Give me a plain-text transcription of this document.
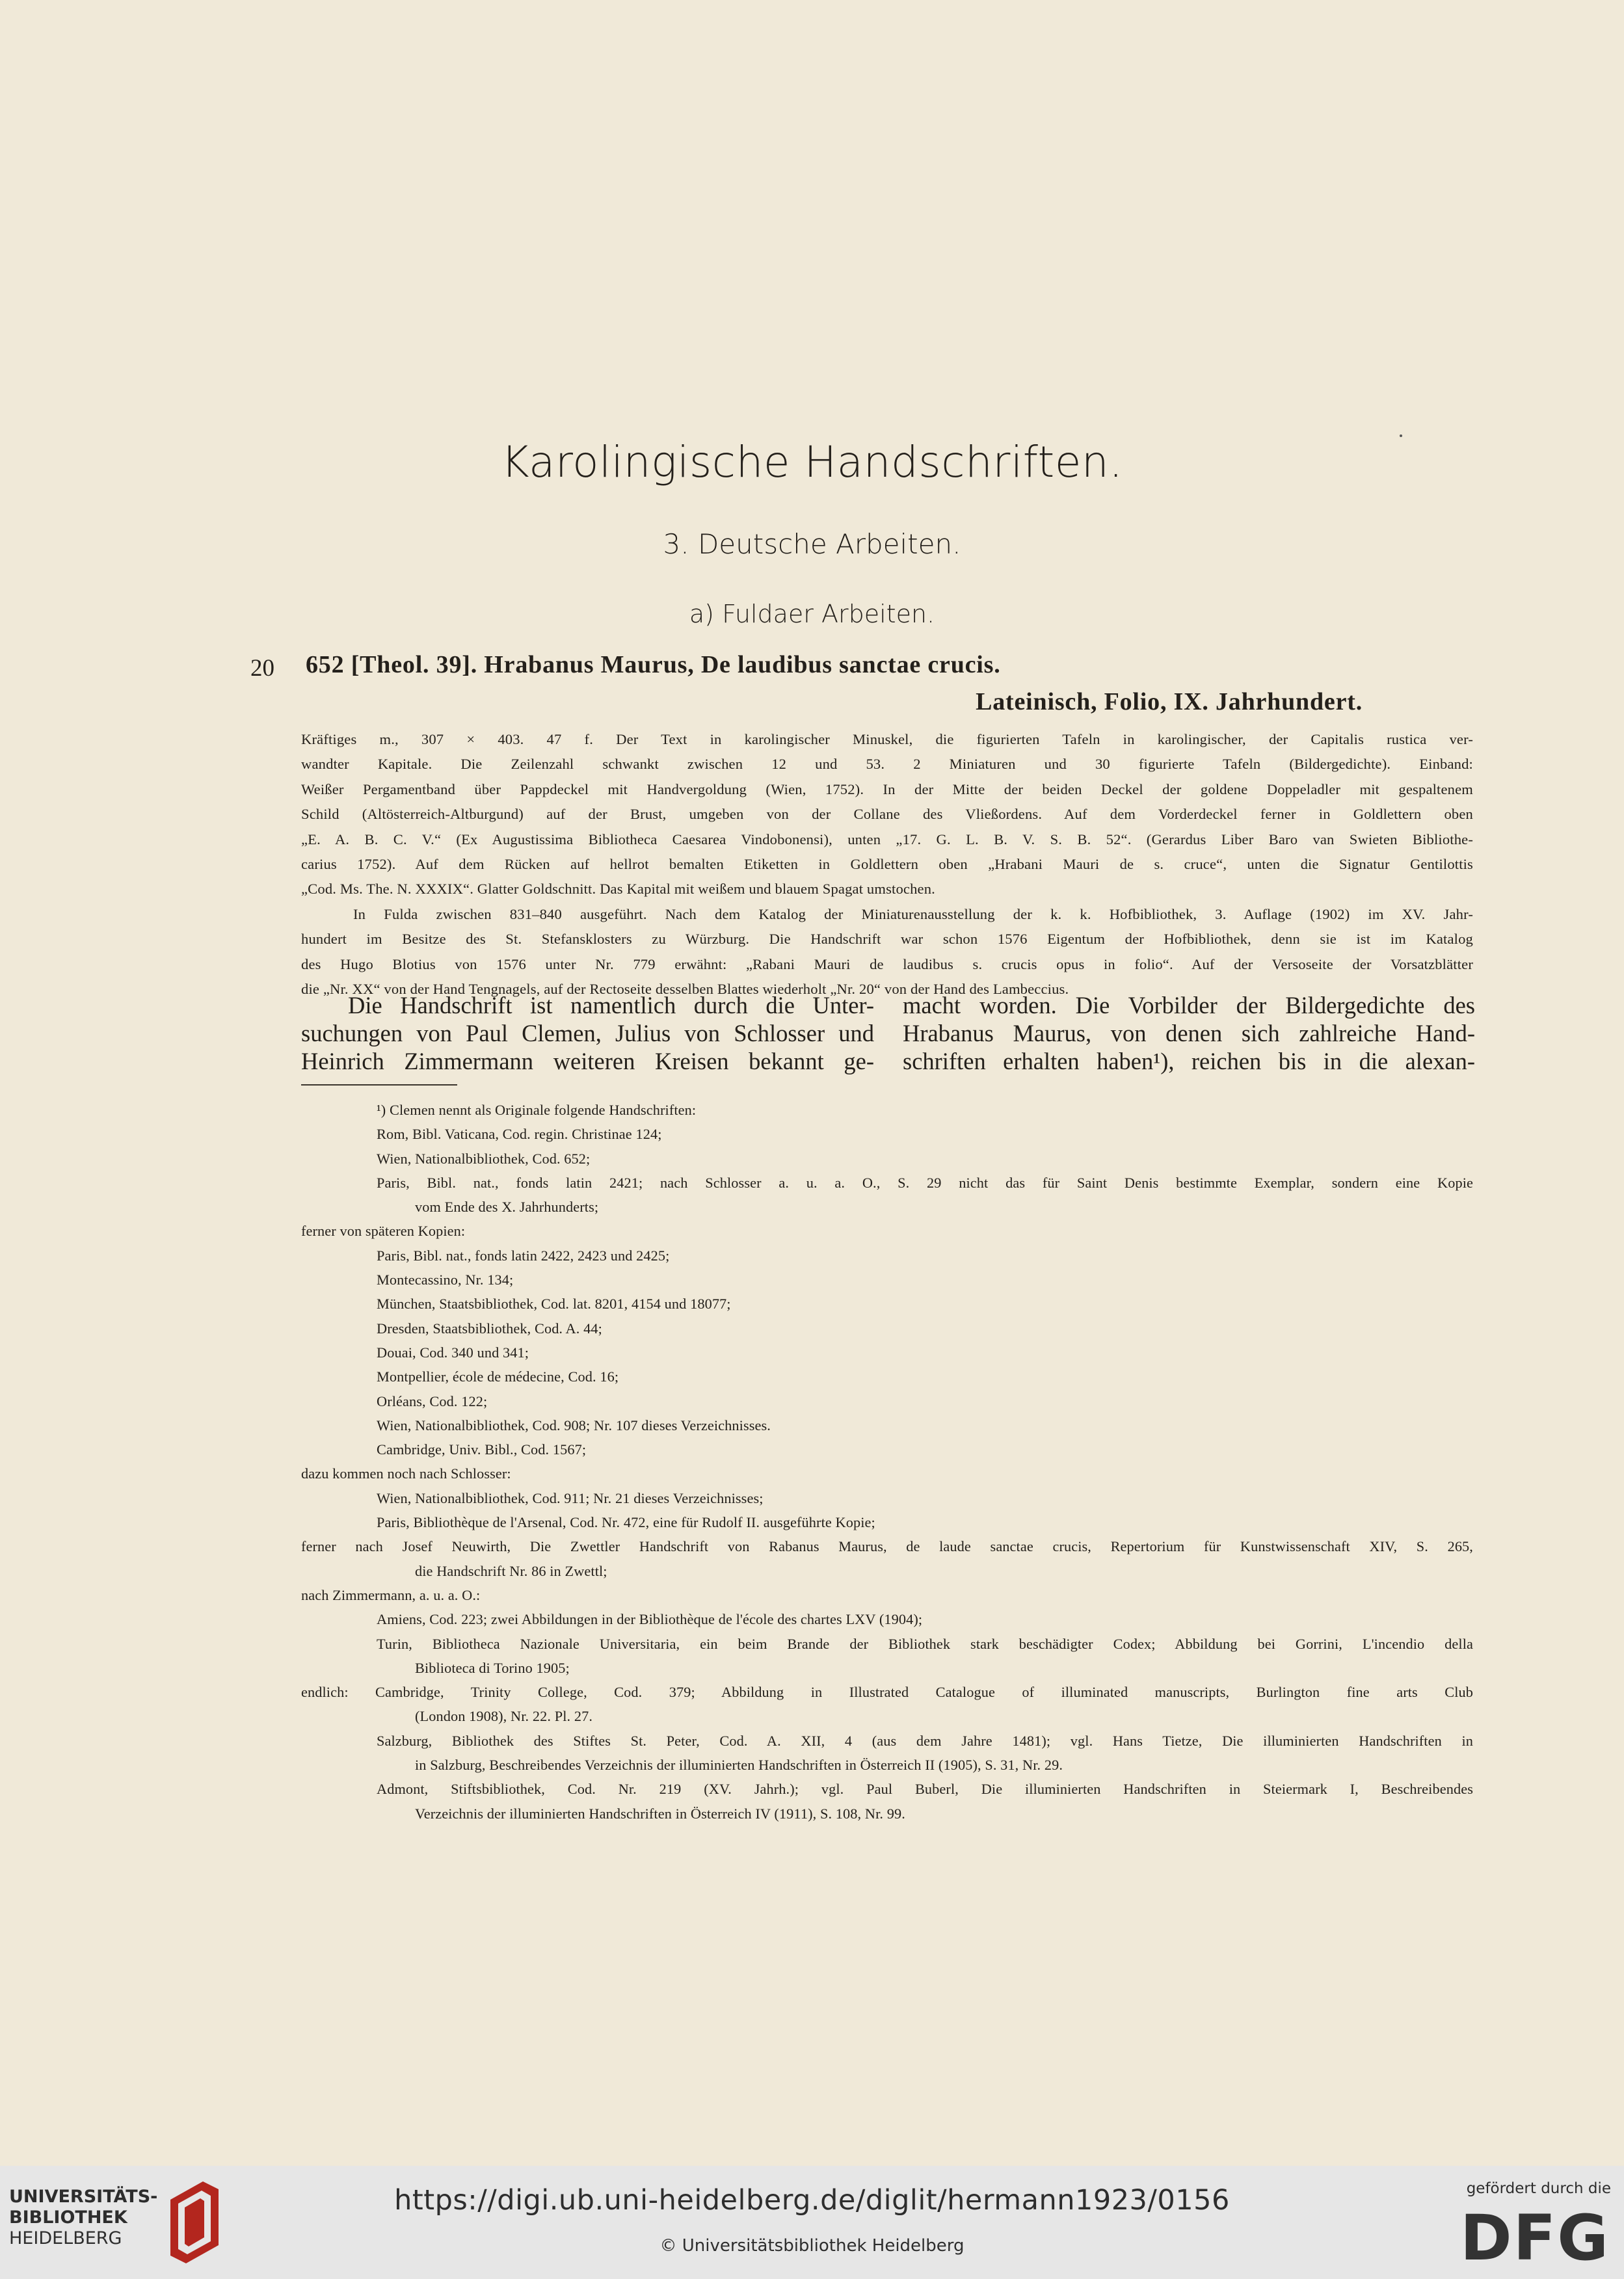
Karolingische Handschriften.
3. Deutsche Arbeiten.
a) Fuldaer Arbeiten.
20 652 [Theol. 39]. Hrabanus Maurus, De laudibus sanctae crucis.
Lateinisch, Folio, IX. Jahrhundert.
Kräftiges m., 307 × 403. 47 f. Der Text in karolingischer Minuskel, die figurierten Tafeln in karolingischer, der Capitalis rustica ver-
wandter Kapitale. Die Zeilenzahl schwankt zwischen 12 und 53. 2 Miniaturen und 30 figurierte Tafeln (Bildergedichte). Einband:
Weißer Pergamentband über Pappdeckel mit Handvergoldung (Wien, 1752). In der Mitte der beiden Deckel der goldene Doppeladler mit gespaltenem
Schild (Altösterreich-Altburgund) auf der Brust, umgeben von der Collane des Vließordens. Auf dem Vorderdeckel ferner in Goldlettern oben
„E. A. B. C. V.“ (Ex Augustissima Bibliotheca Caesarea Vindobonensi), unten „17. G. L. B. V. S. B. 52“. (Gerardus Liber Baro van Swieten Bibliothe-
carius 1752). Auf dem Rücken auf hellrot bemalten Etiketten in Goldlettern oben „Hrabani Mauri de s. cruce“, unten die Signatur Gentilottis
„Cod. Ms. The. N. XXXIX“. Glatter Goldschnitt. Das Kapital mit weißem und blauem Spagat umstochen.
In Fulda zwischen 831–840 ausgeführt. Nach dem Katalog der Miniaturenausstellung der k. k. Hofbibliothek, 3. Auflage (1902) im XV. Jahr-
hundert im Besitze des St. Stefansklosters zu Würzburg. Die Handschrift war schon 1576 Eigentum der Hofbibliothek, denn sie ist im Katalog
des Hugo Blotius von 1576 unter Nr. 779 erwähnt: „Rabani Mauri de laudibus s. crucis opus in folio“. Auf der Versoseite der Vorsatzblätter
die „Nr. XX“ von der Hand Tengnagels, auf der Rectoseite desselben Blattes wiederholt „Nr. 20“ von der Hand des Lambeccius.
Die Handschrift ist namentlich durch die Unter-
suchungen von Paul Clemen, Julius von Schlosser und
Heinrich Zimmermann weiteren Kreisen bekannt ge-
macht worden. Die Vorbilder der Bildergedichte des
Hrabanus Maurus, von denen sich zahlreiche Hand-
schriften erhalten haben¹), reichen bis in die alexan-
¹) Clemen nennt als Originale folgende Handschriften:
Rom, Bibl. Vaticana, Cod. regin. Christinae 124;
Wien, Nationalbibliothek, Cod. 652;
Paris, Bibl. nat., fonds latin 2421; nach Schlosser a. u. a. O., S. 29 nicht das für Saint Denis bestimmte Exemplar, sondern eine Kopie
vom Ende des X. Jahrhunderts;
ferner von späteren Kopien:
Paris, Bibl. nat., fonds latin 2422, 2423 und 2425;
Montecassino, Nr. 134;
München, Staatsbibliothek, Cod. lat. 8201, 4154 und 18077;
Dresden, Staatsbibliothek, Cod. A. 44;
Douai, Cod. 340 und 341;
Montpellier, école de médecine, Cod. 16;
Orléans, Cod. 122;
Wien, Nationalbibliothek, Cod. 908; Nr. 107 dieses Verzeichnisses.
Cambridge, Univ. Bibl., Cod. 1567;
dazu kommen noch nach Schlosser:
Wien, Nationalbibliothek, Cod. 911; Nr. 21 dieses Verzeichnisses;
Paris, Bibliothèque de l'Arsenal, Cod. Nr. 472, eine für Rudolf II. ausgeführte Kopie;
ferner nach Josef Neuwirth, Die Zwettler Handschrift von Rabanus Maurus, de laude sanctae crucis, Repertorium für Kunstwissenschaft XIV, S. 265,
die Handschrift Nr. 86 in Zwettl;
nach Zimmermann, a. u. a. O.:
Amiens, Cod. 223; zwei Abbildungen in der Bibliothèque de l'école des chartes LXV (1904);
Turin, Bibliotheca Nazionale Universitaria, ein beim Brande der Bibliothek stark beschädigter Codex; Abbildung bei Gorrini, L'incendio della
Biblioteca di Torino 1905;
endlich: Cambridge, Trinity College, Cod. 379; Abbildung in Illustrated Catalogue of illuminated manuscripts, Burlington fine arts Club
(London 1908), Nr. 22. Pl. 27.
Salzburg, Bibliothek des Stiftes St. Peter, Cod. A. XII, 4 (aus dem Jahre 1481); vgl. Hans Tietze, Die illuminierten Handschriften in
in Salzburg, Beschreibendes Verzeichnis der illuminierten Handschriften in Österreich II (1905), S. 31, Nr. 29.
Admont, Stiftsbibliothek, Cod. Nr. 219 (XV. Jahrh.); vgl. Paul Buberl, Die illuminierten Handschriften in Steiermark I, Beschreibendes
Verzeichnis der illuminierten Handschriften in Österreich IV (1911), S. 108, Nr. 99.
UNIVERSITÄTS-
BIBLIOTHEK
HEIDELBERG
https://digi.ub.uni-heidelberg.de/diglit/hermann1923/0156
© Universitätsbibliothek Heidelberg
gefördert durch die
DFG
